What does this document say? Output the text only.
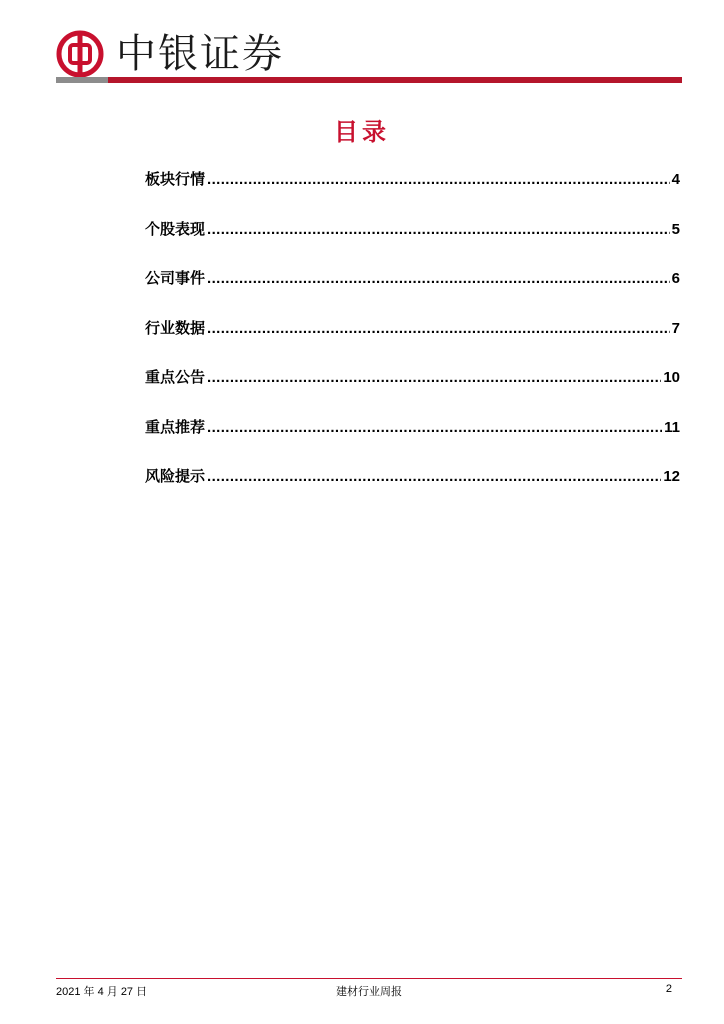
中银证券
目录
板块行情 .....	4
个股表现 .....	5
公司事件 .....	6
行业数据 .....	7
重点公告 .....	10
重点推荐 .....	11
风险提示 .....	12
2021 年 4 月 27 日	建材行业周报	2
